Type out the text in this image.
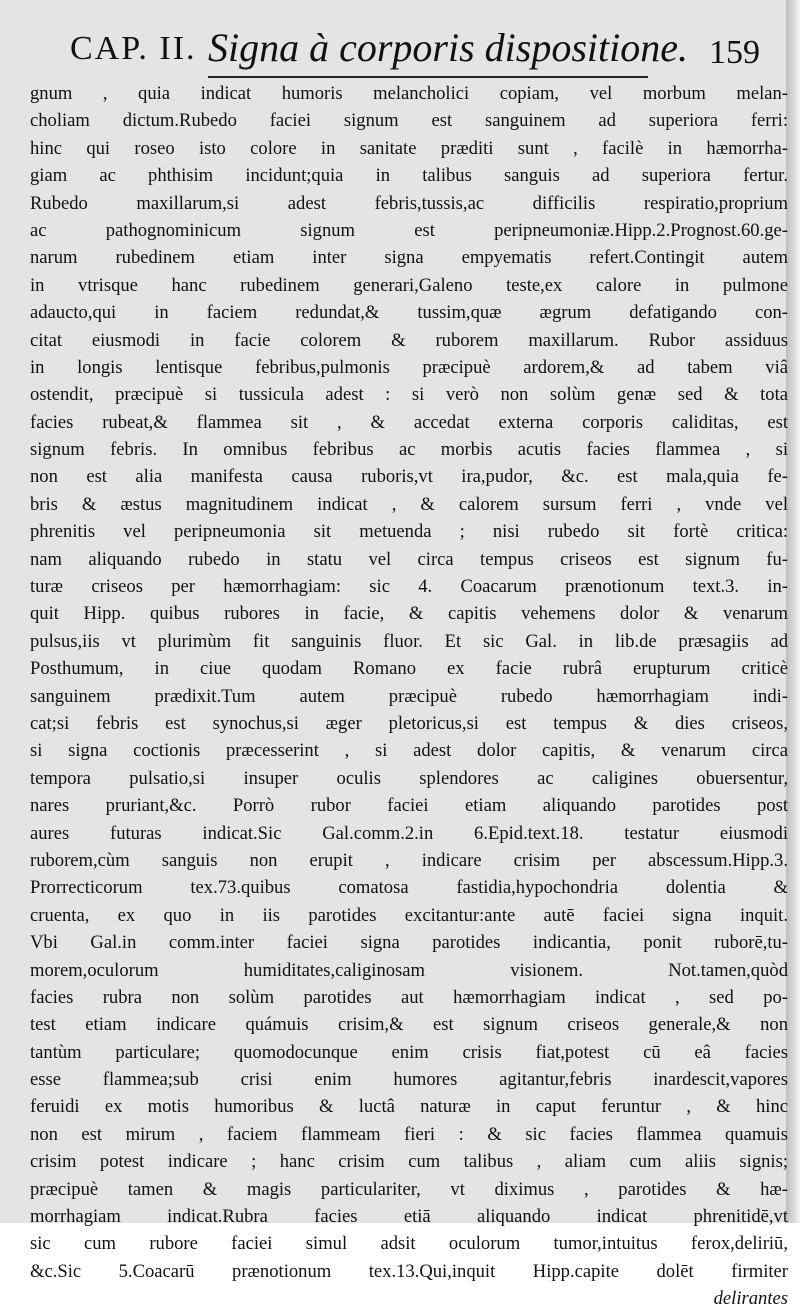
CAP. II. Signa à corporis dispositione. 159
gnum , quia indicat humoris melancholici copiam, vel morbum melan-
choliam dictum.Rubedo faciei signum est sanguinem ad superiora ferri:
hinc qui roseo isto colore in sanitate præditi sunt , facilè in hæmorrha-
giam ac phthisim incidunt;quia in talibus sanguis ad superiora fertur.
Rubedo maxillarum,si adest febris,tussis,ac difficilis respiratio,proprium
ac pathognominicum signum est peripneumoniæ.Hipp.2.Prognost.60.ge-
narum rubedinem etiam inter signa empyematis refert.Contingit autem
in vtrisque hanc rubedinem generari,Galeno teste,ex calore in pulmone
adaucto,qui in faciem redundat,& tussim,quæ ægrum defatigando con-
citat eiusmodi in facie colorem & ruborem maxillarum. Rubor assiduus
in longis lentisque febribus,pulmonis præcipuè ardorem,& ad tabem viâ
ostendit, præcipuè si tussicula adest : si verò non solùm genæ sed & tota
facies rubeat,& flammea sit , & accedat externa corporis caliditas, est
signum febris. In omnibus febribus ac morbis acutis facies flammea , si
non est alia manifesta causa ruboris,vt ira,pudor, &c. est mala,quia fe-
bris & æstus magnitudinem indicat , & calorem sursum ferri , vnde vel
phrenitis vel peripneumonia sit metuenda ; nisi rubedo sit fortè critica:
nam aliquando rubedo in statu vel circa tempus criseos est signum fu-
turæ criseos per hæmorrhagiam: sic 4. Coacarum prænotionum text.3. in-
quit Hipp. quibus rubores in facie, & capitis vehemens dolor & venarum
pulsus,iis vt plurimùm fit sanguinis fluor. Et sic Gal. in lib.de præsagiis ad
Posthumum, in ciue quodam Romano ex facie rubrâ erupturum criticè
sanguinem prædixit.Tum autem præcipuè rubedo hæmorrhagiam indi-
cat;si febris est synochus,si æger pletoricus,si est tempus & dies criseos,
si signa coctionis præcesserint , si adest dolor capitis, & venarum circa
tempora pulsatio,si insuper oculis splendores ac caligines obuersentur,
nares pruriant,&c. Porrò rubor faciei etiam aliquando parotides post
aures futuras indicat.Sic Gal.comm.2.in 6.Epid.text.18. testatur eiusmodi
ruborem,cùm sanguis non erupit , indicare crisim per abscessum.Hipp.3.
Prorrecticorum tex.73.quibus comatosa fastidia,hypochondria dolentia &
cruenta, ex quo in iis parotides excitantur:ante autē faciei signa inquit.
Vbi Gal.in comm.inter faciei signa parotides indicantia, ponit ruborē,tu-
morem,oculorum humiditates,caliginosam visionem. Not.tamen,quòd
facies rubra non solùm parotides aut hæmorrhagiam indicat , sed po-
test etiam indicare quámuis crisim,& est signum criseos generale,& non
tantùm particulare; quomodocunque enim crisis fiat,potest cū eâ facies
esse flammea;sub crisi enim humores agitantur,febris inardescit,vapores
feruidi ex motis humoribus & luctâ naturæ in caput feruntur , & hinc
non est mirum , faciem flammeam fieri : & sic facies flammea quamuis
crisim potest indicare ; hanc crisim cum talibus , aliam cum aliis signis;
præcipuè tamen & magis particulariter, vt diximus , parotides & hæ-
morrhagiam indicat.Rubra facies etiā aliquando indicat phrenitidē,vt
sic cum rubore faciei simul adsit oculorum tumor,intuitus ferox,deliriū,
&c.Sic 5.Coacarū prænotionum tex.13.Qui,inquit Hipp.capite dolēt firmiter
delirantes
